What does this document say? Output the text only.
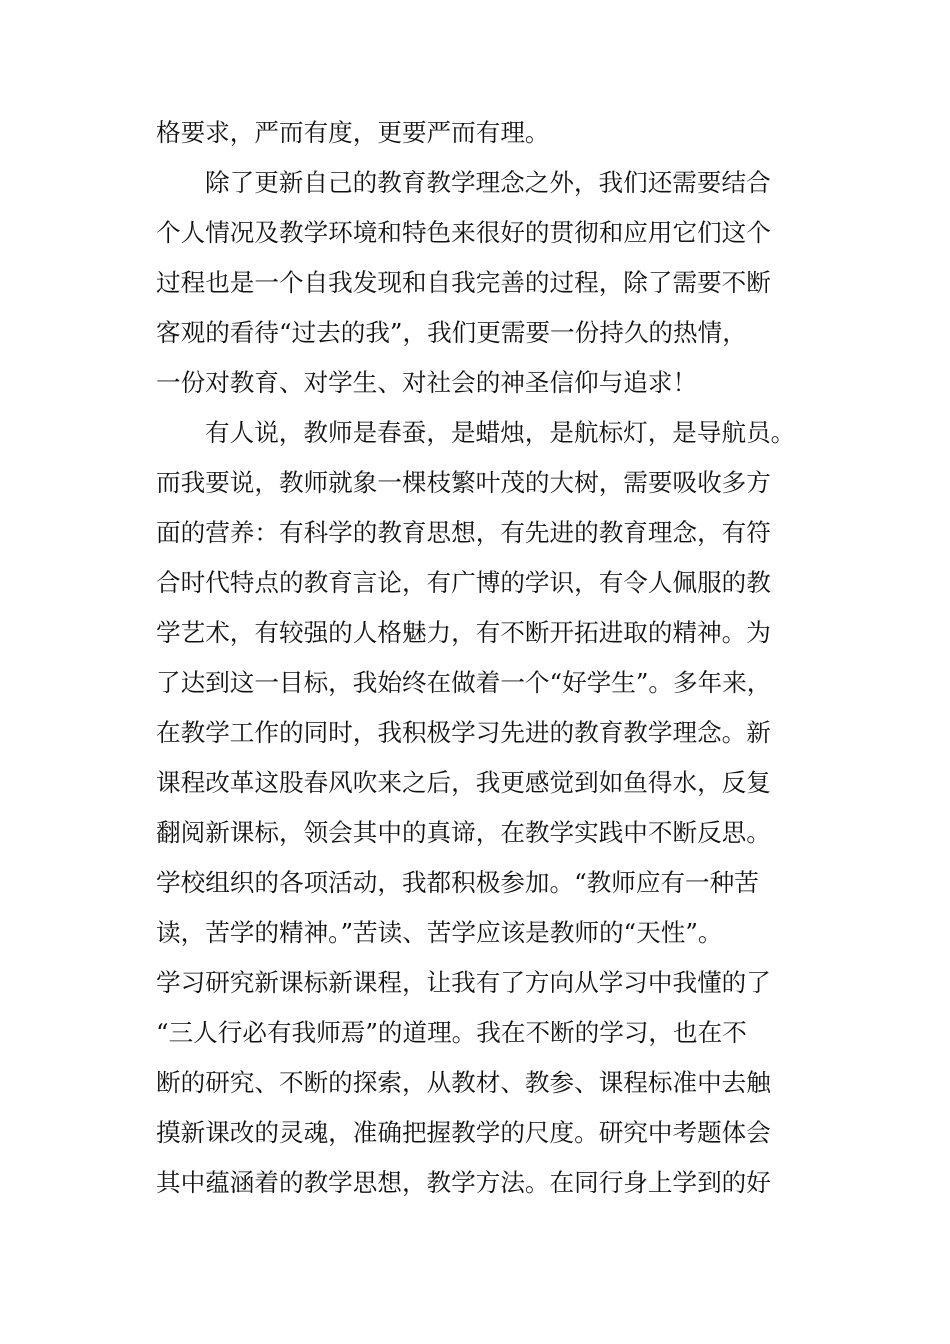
格要求，严而有度，更要严而有理。
除了更新自己的教育教学理念之外，我们还需要结合
个人情况及教学环境和特色来很好的贯彻和应用它们这个
过程也是一个自我发现和自我完善的过程，除了需要不断
客观的看待“过去的我”，我们更需要一份持久的热情，
一份对教育、对学生、对社会的神圣信仰与追求！
有人说，教师是春蚕，是蜡烛，是航标灯，是导航员。
而我要说，教师就象一棵枝繁叶茂的大树，需要吸收多方
面的营养：有科学的教育思想，有先进的教育理念，有符
合时代特点的教育言论，有广博的学识，有令人佩服的教
学艺术，有较强的人格魅力，有不断开拓进取的精神。为
了达到这一目标，我始终在做着一个“好学生”。多年来，
在教学工作的同时，我积极学习先进的教育教学理念。新
课程改革这股春风吹来之后，我更感觉到如鱼得水，反复
翻阅新课标，领会其中的真谛，在教学实践中不断反思。
学校组织的各项活动，我都积极参加。“教师应有一种苦
读，苦学的精神。”苦读、苦学应该是教师的“天性”。
学习研究新课标新课程，让我有了方向从学习中我懂的了
“三人行必有我师焉”的道理。我在不断的学习，也在不
断的研究、不断的探索，从教材、教参、课程标准中去触
摸新课改的灵魂，准确把握教学的尺度。研究中考题体会
其中蕴涵着的教学思想，教学方法。在同行身上学到的好
